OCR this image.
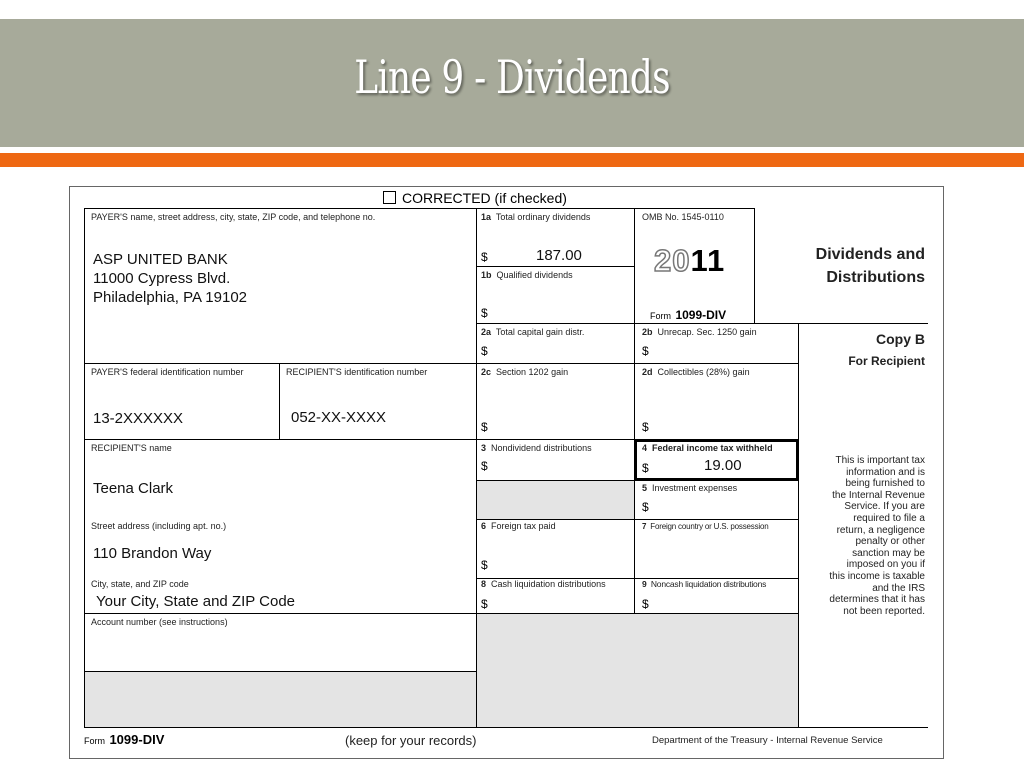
Line 9 - Dividends
CORRECTED (if checked)
PAYER'S name, street address, city, state, ZIP code, and telephone no.
ASP UNITED BANK
11000 Cypress Blvd.
Philadelphia, PA 19102
1a Total ordinary dividends
$	187.00
1b Qualified dividends
$
OMB No. 1545-0110
2011
Form 1099-DIV
Dividends and
Distributions
2a Total capital gain distr.
$
2b Unrecap. Sec. 1250 gain
$
Copy B
For Recipient
PAYER'S federal identification number
13-2XXXXXX
RECIPIENT'S identification number
052-XX-XXXX
2c Section 1202 gain
$
2d Collectibles (28%) gain
$
RECIPIENT'S name
Teena Clark
3 Nondividend distributions
$
4 Federal income tax withheld
$	19.00
5 Investment expenses
$
Street address (including apt. no.)
110 Brandon Way
6 Foreign tax paid
$
7 Foreign country or U.S. possession
City, state, and ZIP code
Your City, State and ZIP Code
8 Cash liquidation distributions
$
9 Noncash liquidation distributions
$
Account number (see instructions)
This is important tax
information and is
being furnished to
the Internal Revenue
Service. If you are
required to file a
return, a negligence
penalty or other
sanction may be
imposed on you if
this income is taxable
and the IRS
determines that it has
not been reported.
Form 1099-DIV	(keep for your records)	Department of the Treasury - Internal Revenue Service
